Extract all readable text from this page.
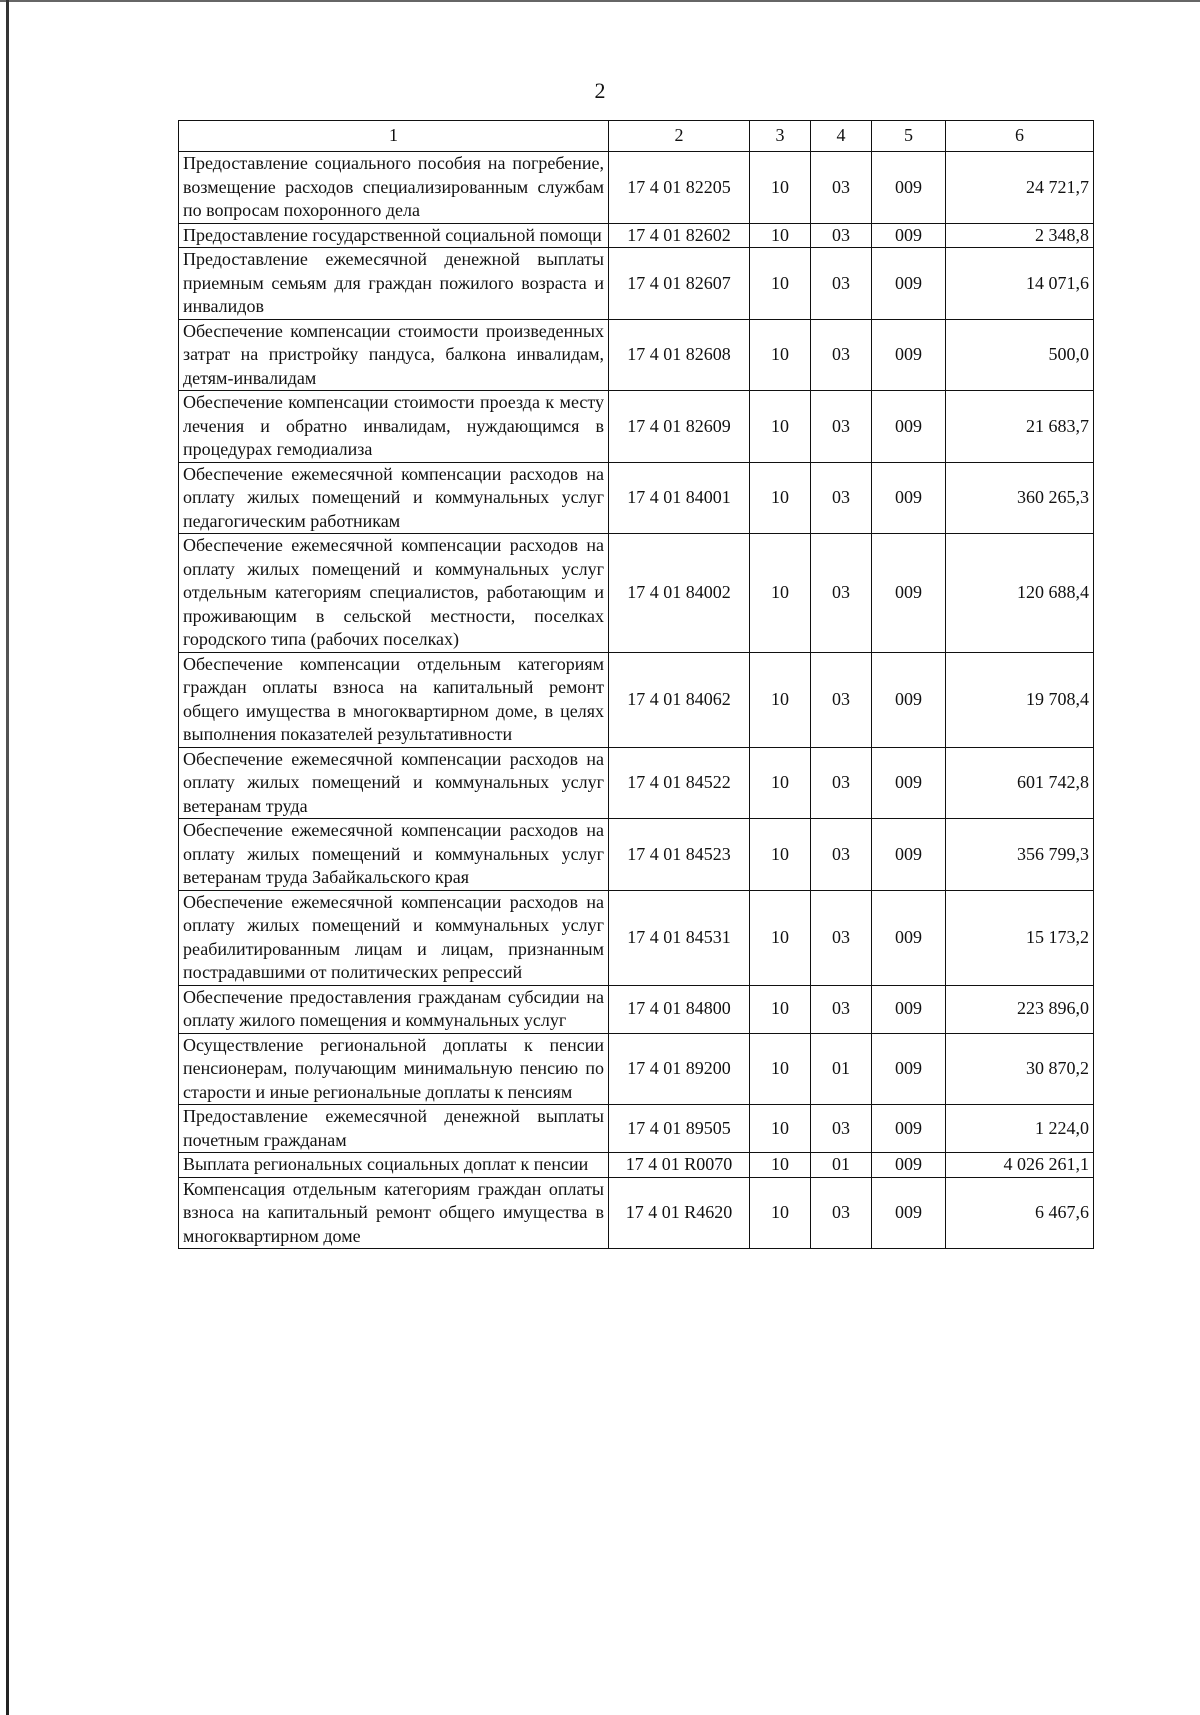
2
1	2	3	4	5	6
Предоставление социального пособия на погребение, возмещение расходов специализированным службам по вопросам похоронного дела	17 4 01 82205	10	03	009	24 721,7
Предоставление государственной социальной помощи	17 4 01 82602	10	03	009	2 348,8
Предоставление ежемесячной денежной выплаты приемным семьям для граждан пожилого возраста и инвалидов	17 4 01 82607	10	03	009	14 071,6
Обеспечение компенсации стоимости произведенных затрат на пристройку пандуса, балкона инвалидам, детям-инвалидам	17 4 01 82608	10	03	009	500,0
Обеспечение компенсации стоимости проезда к месту лечения и обратно инвалидам, нуждающимся в процедурах гемодиализа	17 4 01 82609	10	03	009	21 683,7
Обеспечение ежемесячной компенсации расходов на оплату жилых помещений и коммунальных услуг педагогическим работникам	17 4 01 84001	10	03	009	360 265,3
Обеспечение ежемесячной компенсации расходов на оплату жилых помещений и коммунальных услуг отдельным категориям специалистов, работающим и проживающим в сельской местности, поселках городского типа (рабочих поселках)	17 4 01 84002	10	03	009	120 688,4
Обеспечение компенсации отдельным категориям граждан оплаты взноса на капитальный ремонт общего имущества в многоквартирном доме, в целях выполнения показателей результативности	17 4 01 84062	10	03	009	19 708,4
Обеспечение ежемесячной компенсации расходов на оплату жилых помещений и коммунальных услуг ветеранам труда	17 4 01 84522	10	03	009	601 742,8
Обеспечение ежемесячной компенсации расходов на оплату жилых помещений и коммунальных услуг ветеранам труда Забайкальского края	17 4 01 84523	10	03	009	356 799,3
Обеспечение ежемесячной компенсации расходов на оплату жилых помещений и коммунальных услуг реабилитированным лицам и лицам, признанным пострадавшими от политических репрессий	17 4 01 84531	10	03	009	15 173,2
Обеспечение предоставления гражданам субсидии на оплату жилого помещения и коммунальных услуг	17 4 01 84800	10	03	009	223 896,0
Осуществление региональной доплаты к пенсии пенсионерам, получающим минимальную пенсию по старости и иные региональные доплаты к пенсиям	17 4 01 89200	10	01	009	30 870,2
Предоставление ежемесячной денежной выплаты почетным гражданам	17 4 01 89505	10	03	009	1 224,0
Выплата региональных социальных доплат к пенсии	17 4 01 R0070	10	01	009	4 026 261,1
Компенсация отдельным категориям граждан оплаты взноса на капитальный ремонт общего имущества в многоквартирном доме	17 4 01 R4620	10	03	009	6 467,6
